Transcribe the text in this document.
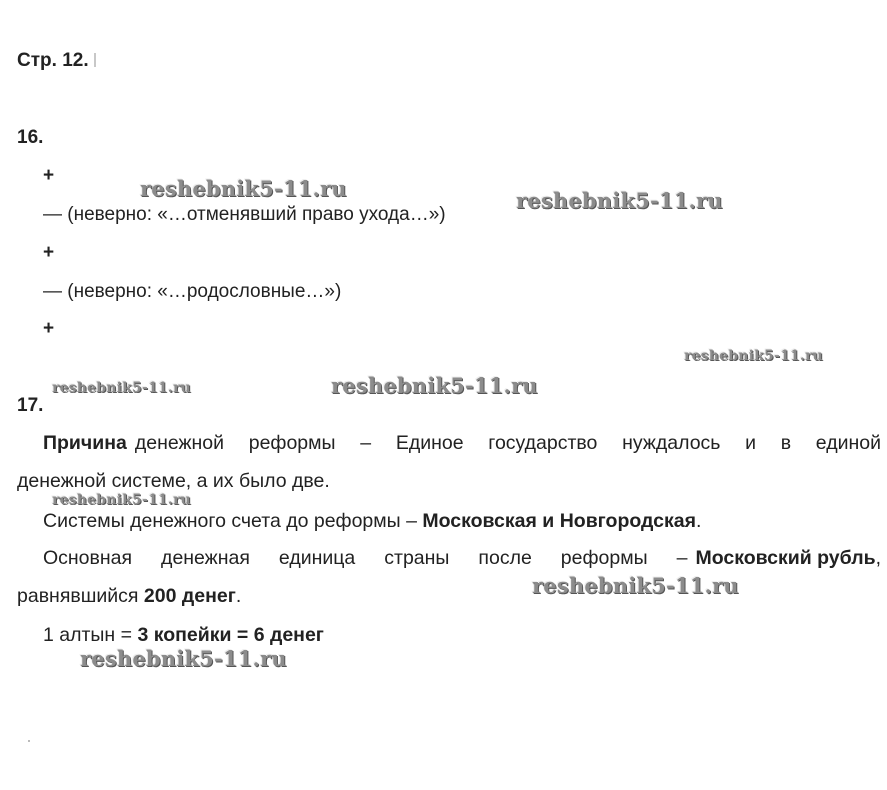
Стр. 12.
16.
+
— (неверно: «…отменявший право ухода…»)
+
— (неверно: «…родословные…»)
+
17.
Причина денежной реформы – Единое государство нуждалось и в единой
денежной системе, а их было две.
Системы денежного счета до реформы – Московская и Новгородская.
Основная денежная единица страны после реформы – Московский рубль,
равнявшийся 200 денег.
1 алтын = 3 копейки = 6 денег
reshebnik5-11.ru	reshebnik5-11.ru
reshebnik5-11.ru
reshebnik5-11.ru	reshebnik5-11.ru
reshebnik5-11.ru
reshebnik5-11.ru
reshebnik5-11.ru
